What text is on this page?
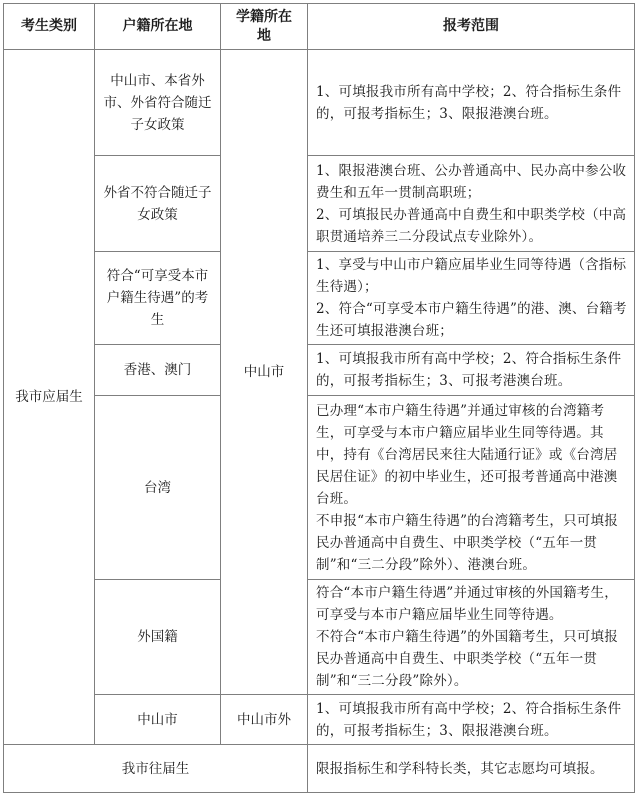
考生类别	户籍所在地	学籍所在地	报考范围
我市应届生	中山市、本省外市、外省符合随迁子女政策	中山市	1、可填报我市所有高中学校；2、符合指标生条件的，可报考指标生；3、限报港澳台班。

	外省不符合随迁子女政策		1、限报港澳台班、公办普通高中、民办高中参公收费生和五年一贯制高职班；

2、可填报民办普通高中自费生和中职类学校（中高职贯通培养三二分段试点专业除外）。

	符合“可享受本市户籍生待遇”的考生		1、享受与中山市户籍应届毕业生同等待遇（含指标生待遇）；

2、符合“可享受本市户籍生待遇”的港、澳、台籍考生还可填报港澳台班；

	香港、澳门		1、可填报我市所有高中学校；2、符合指标生条件的，可报考指标生；3、可报考港澳台班。

	台湾		已办理“本市户籍生待遇”并通过审核的台湾籍考生，可享受与本市户籍应届毕业生同等待遇。其中，持有《台湾居民来往大陆通行证》或《台湾居民居住证》的初中毕业生，还可报考普通高中港澳台班。

不申报“本市户籍生待遇”的台湾籍考生，只可填报民办普通高中自费生、中职类学校（“五年一贯制”和“三二分段”除外）、港澳台班。

	外国籍		符合“本市户籍生待遇”并通过审核的外国籍考生，可享受与本市户籍应届毕业生同等待遇。

不符合“本市户籍生待遇”的外国籍考生，只可填报民办普通高中自费生、中职类学校（“五年一贯制”和“三二分段”除外）。

	中山市	中山市外	1、可填报我市所有高中学校；2、符合指标生条件的，可报考指标生；3、限报港澳台班。

我市往届生			限报指标生和学科特长类，其它志愿均可填报。
